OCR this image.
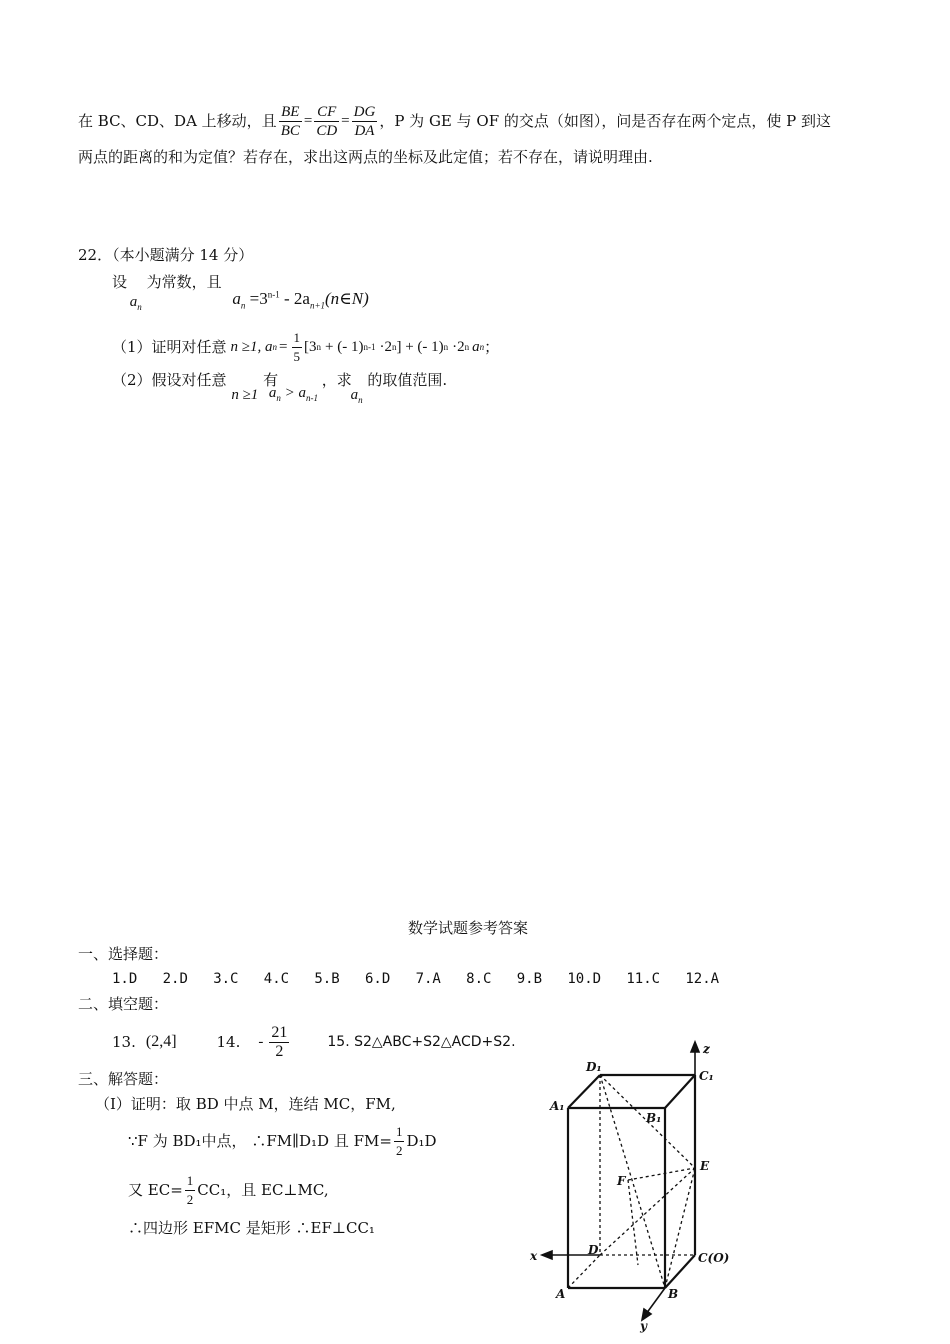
在 BC、CD、DA 上移动，且 $\frac{BE}{BC} = \frac{CF}{CD} = \frac{DG}{DA}$ ，P 为 GE 与 OF 的交点（如图），问是否存在两个定点，使 P 到这
两点的距离的和为定值？若存在，求出这两点的坐标及此定值；若不存在，请说明理由.
22．（本小题满分 14 分）
设 $a_n$ 为常数，且 $a_n =3^{n-1}$ - $2a_{n+1}(n\in N)$
（1）证明对任意 n ≥1, a $n = \frac{1}{5} [3$ n + (- 1) n-1 ·2 n ] + (- 1) n ·2 n a n ；
（2）假设对任意 n ≥1 有 $a_n > a_{n-1}$ ，求 $a_n$ 的取值范围.
数学试题参考答案
一、选择题：
1.D 2.D 3.C 4.C 5.B 6.D 7.A 8.C 9.B 10.D 11.C 12.A
二、填空题：
13. (2,4]	14. - $\frac{21}{2}$	15. S2△ABC+S2△ACD+S2.
三、解答题：
（I）证明：取 BD 中点 M，连结 MC，FM,
∵F 为 BD₁中点， ∴FM∥D₁D 且 $FM= \frac{1}{2} D_1D$
又 $EC= \frac{1}{2} CC_1$，且 EC⊥MC,
∴四边形 EFMC 是矩形 ∴EF⊥CC₁
z
D₁
C₁
A₁
B₁
E
F
x	D
C(O)
A	B
y
